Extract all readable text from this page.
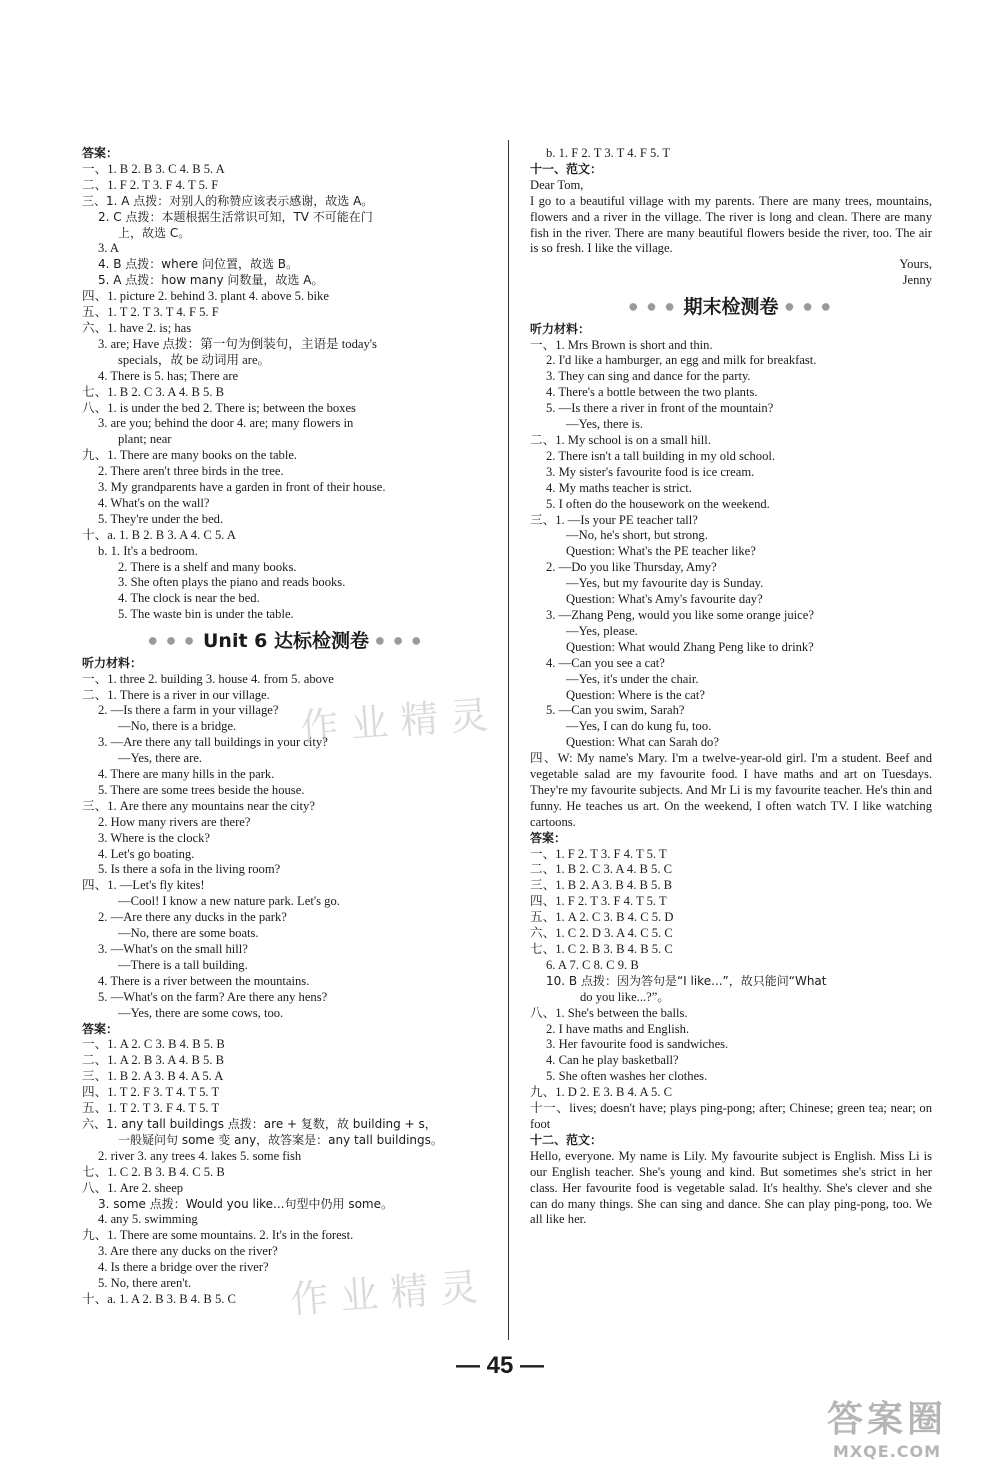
答案：
一、1. B 2. B 3. C 4. B 5. A
二、1. F 2. T 3. F 4. T 5. F
三、1. A 点拨：对别人的称赞应该表示感谢，故选 A。
2. C 点拨：本题根据生活常识可知，TV 不可能在门
上，故选 C。
3. A
4. B 点拨：where 问位置，故选 B。
5. A 点拨：how many 问数量，故选 A。
四、1. picture 2. behind 3. plant 4. above 5. bike
五、1. T 2. T 3. T 4. F 5. F
六、1. have 2. is; has
3. are; Have 点拨：第一句为倒装句，主语是 today's
specials，故 be 动词用 are。
4. There is 5. has; There are
七、1. B 2. C 3. A 4. B 5. B
八、1. is under the bed 2. There is; between the boxes
3. are you; behind the door 4. are; many flowers in
plant; near
九、1. There are many books on the table.
2. There aren't three birds in the tree.
3. My grandparents have a garden in front of their house.
4. What's on the wall?
5. They're under the bed.
十、a. 1. B 2. B 3. A 4. C 5. A
b. 1. It's a bedroom.
2. There is a shelf and many books.
3. She often plays the piano and reads books.
4. The clock is near the bed.
5. The waste bin is under the table.
● ● ● Unit 6 达标检测卷 ● ● ●
听力材料：
一、1. three 2. building 3. house 4. from 5. above
二、1. There is a river in our village.
2. —Is there a farm in your village?
—No, there is a bridge.
3. —Are there any tall buildings in your city?
—Yes, there are.
4. There are many hills in the park.
5. There are some trees beside the house.
三、1. Are there any mountains near the city?
2. How many rivers are there?
3. Where is the clock?
4. Let's go boating.
5. Is there a sofa in the living room?
四、1. —Let's fly kites!
—Cool! I know a new nature park. Let's go.
2. —Are there any ducks in the park?
—No, there are some boats.
3. —What's on the small hill?
—There is a tall building.
4. There is a river between the mountains.
5. —What's on the farm? Are there any hens?
—Yes, there are some cows, too.
答案：
一、1. A 2. C 3. B 4. B 5. B
二、1. A 2. B 3. A 4. B 5. B
三、1. B 2. A 3. B 4. A 5. A
四、1. T 2. F 3. T 4. T 5. T
五、1. T 2. T 3. F 4. T 5. T
六、1. any tall buildings 点拨：are + 复数，故 building + s，
一般疑问句 some 变 any，故答案是：any tall buildings。
2. river 3. any trees 4. lakes 5. some fish
七、1. C 2. B 3. B 4. C 5. B
八、1. Are 2. sheep
3. some 点拨：Would you like...句型中仍用 some。
4. any 5. swimming
九、1. There are some mountains. 2. It's in the forest.
3. Are there any ducks on the river?
4. Is there a bridge over the river?
5. No, there aren't.
十、a. 1. A 2. B 3. B 4. B 5. C
b. 1. F 2. T 3. T 4. F 5. T
十一、范文：
Dear Tom,
I go to a beautiful village with my parents. There are many trees, mountains, flowers and a river in the village. The river is long and clean. There are many fish in the river. There are many beautiful flowers beside the river, too. The air is so fresh. I like the village.
Yours,
Jenny
● ● ● 期末检测卷 ● ● ●
听力材料：
一、1. Mrs Brown is short and thin.
2. I'd like a hamburger, an egg and milk for breakfast.
3. They can sing and dance for the party.
4. There's a bottle between the two plants.
5. —Is there a river in front of the mountain?
—Yes, there is.
二、1. My school is on a small hill.
2. There isn't a tall building in my old school.
3. My sister's favourite food is ice cream.
4. My maths teacher is strict.
5. I often do the housework on the weekend.
三、1. —Is your PE teacher tall?
—No, he's short, but strong.
Question: What's the PE teacher like?
2. —Do you like Thursday, Amy?
—Yes, but my favourite day is Sunday.
Question: What's Amy's favourite day?
3. —Zhang Peng, would you like some orange juice?
—Yes, please.
Question: What would Zhang Peng like to drink?
4. —Can you see a cat?
—Yes, it's under the chair.
Question: Where is the cat?
5. —Can you swim, Sarah?
—Yes, I can do kung fu, too.
Question: What can Sarah do?
四、W: My name's Mary. I'm a twelve-year-old girl. I'm a student. Beef and vegetable salad are my favourite food. I have maths and art on Tuesdays. They're my favourite subjects. And Mr Li is my favourite teacher. He's thin and funny. He teaches us art. On the weekend, I often watch TV. I like watching cartoons.
答案：
一、1. F 2. T 3. F 4. T 5. T
二、1. B 2. C 3. A 4. B 5. C
三、1. B 2. A 3. B 4. B 5. B
四、1. F 2. T 3. F 4. T 5. T
五、1. A 2. C 3. B 4. C 5. D
六、1. C 2. D 3. A 4. C 5. C
七、1. C 2. B 3. B 4. B 5. C
6. A 7. C 8. C 9. B
10. B 点拨：因为答句是“I like...”，故只能问“What
do you like...?”。
八、1. She's between the balls.
2. I have maths and English.
3. Her favourite food is sandwiches.
4. Can he play basketball?
5. She often washes her clothes.
九、1. D 2. E 3. B 4. A 5. C
十一、lives; doesn't have; plays ping-pong; after; Chinese; green tea; near; on foot
十二、范文：
Hello, everyone. My name is Lily. My favourite subject is English. Miss Li is our English teacher. She's young and kind. But sometimes she's strict in her class. Her favourite food is vegetable salad. It's healthy. She's clever and she can do many things. She can sing and dance. She can play ping-pong, too. We all like her.
作业精灵
作业精灵
— 45 —
答案圈
MXQE.COM
